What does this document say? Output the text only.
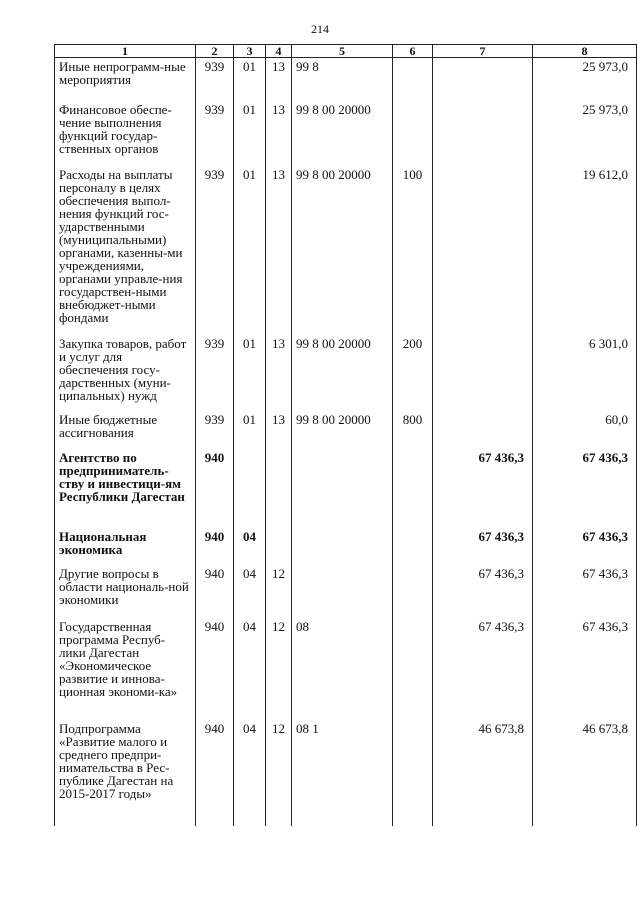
214
1	2	3	4	5	6	7	8
Иные непрограмм-ные мероприятия	939	01	13	99 8			25 973,0
Финансовое обеспе-чение выполнения функций государ-ственных органов	939	01	13	99 8 00 20000			25 973,0
Расходы на выплаты персоналу в целях обеспечения выпол-нения функций гос-ударственными (муниципальными) органами, казенны-ми учреждениями, органами управле-ния государствен-ными внебюджет-ными фондами	939	01	13	99 8 00 20000	100		19 612,0
Закупка товаров, работ и услуг для обеспечения госу-дарственных (муни-ципальных) нужд	939	01	13	99 8 00 20000	200		6 301,0
Иные бюджетные ассигнования	939	01	13	99 8 00 20000	800		60,0
Агентство по предприниматель-ству и инвестици-ям Республики Дагестан	940					67 436,3	67 436,3
Национальная экономика	940	04				67 436,3	67 436,3
Другие вопросы в области националь-ной экономики	940	04	12			67 436,3	67 436,3
Государственная программа Респуб-лики Дагестан «Экономическое развитие и иннова-ционная экономи-ка»	940	04	12	08		67 436,3	67 436,3
Подпрограмма «Развитие малого и среднего предпри-нимательства в Рес-публике Дагестан на 2015-2017 годы»	940	04	12	08 1		46 673,8	46 673,8
